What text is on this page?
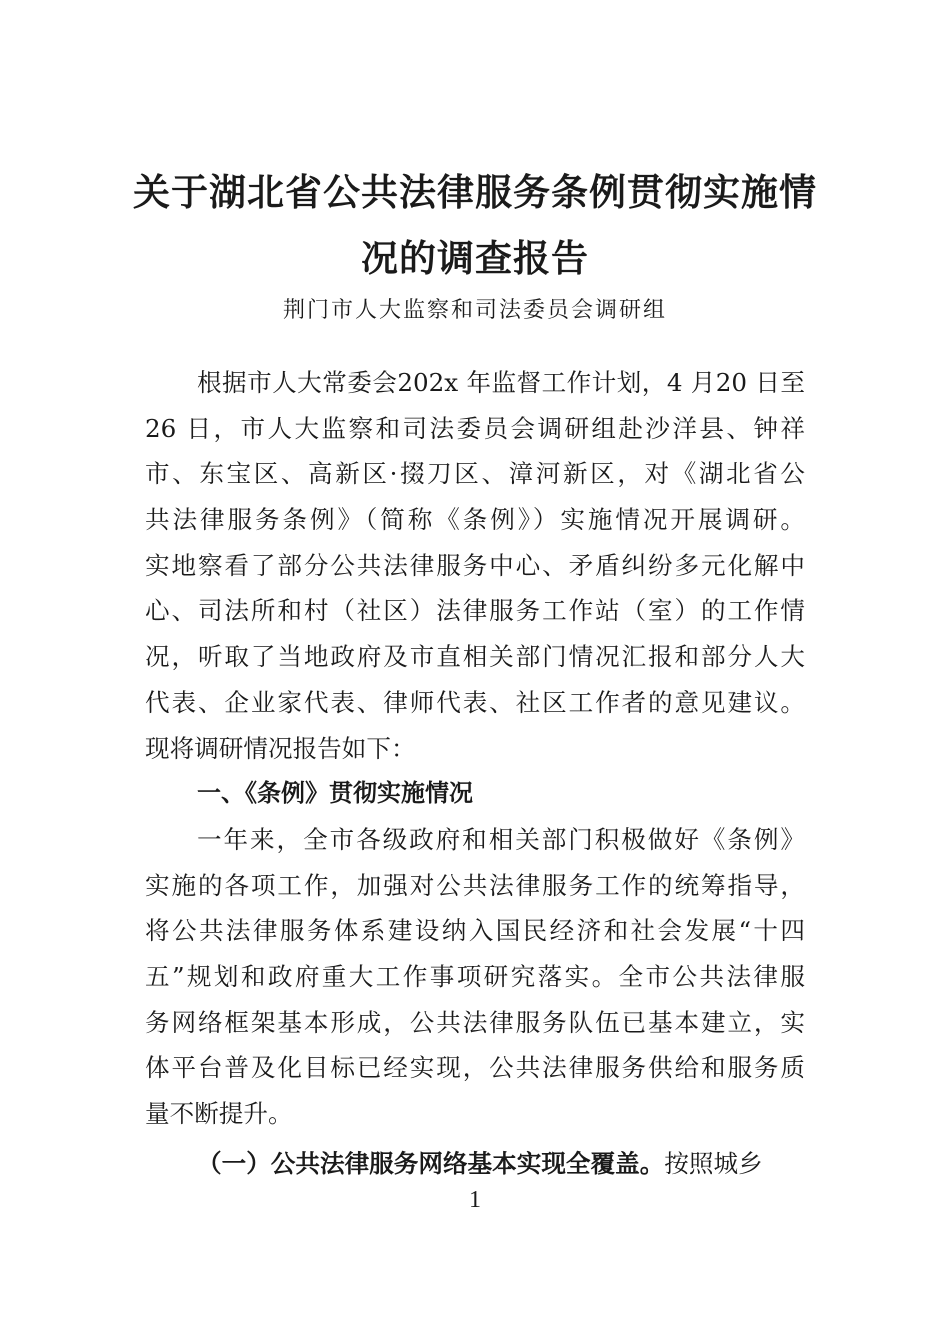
关于湖北省公共法律服务条例贯彻实施情
况的调查报告

荆门市人大监察和司法委员会调研组

根据市人大常委会202x 年监督工作计划，4 月20 日至
26 日，市人大监察和司法委员会调研组赴沙洋县、钟祥
市、东宝区、高新区·掇刀区、漳河新区，对《湖北省公
共法律服务条例》（简称《条例》）实施情况开展调研。
实地察看了部分公共法律服务中心、矛盾纠纷多元化解中
心、司法所和村（社区）法律服务工作站（室）的工作情
况，听取了当地政府及市直相关部门情况汇报和部分人大
代表、企业家代表、律师代表、社区工作者的意见建议。
现将调研情况报告如下：
一、《条例》贯彻实施情况
一年来，全市各级政府和相关部门积极做好《条例》
实施的各项工作，加强对公共法律服务工作的统筹指导，
将公共法律服务体系建设纳入国民经济和社会发展“十四
五”规划和政府重大工作事项研究落实。全市公共法律服
务网络框架基本形成，公共法律服务队伍已基本建立，实
体平台普及化目标已经实现，公共法律服务供给和服务质
量不断提升。
（一）公共法律服务网络基本实现全覆盖。按照城乡

1
